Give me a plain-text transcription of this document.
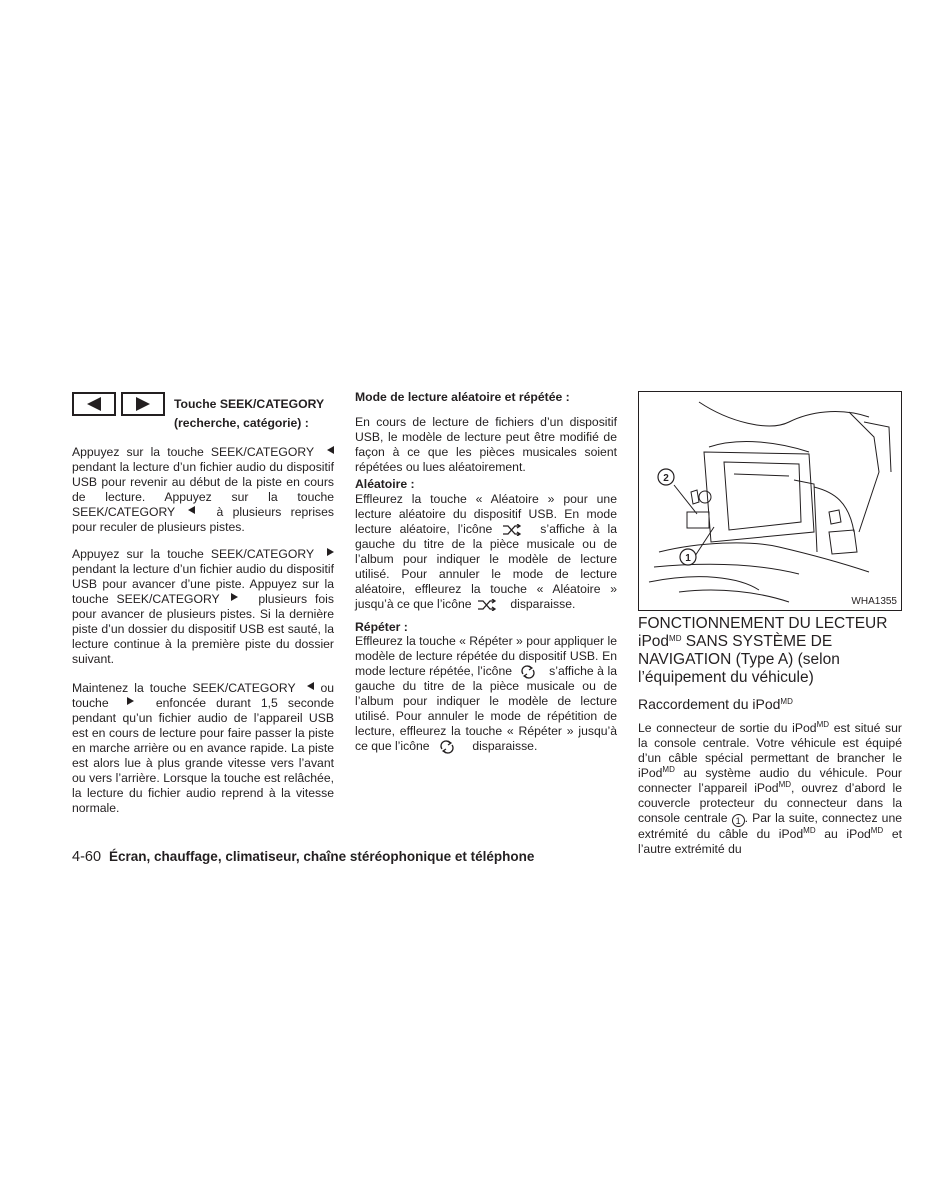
Touche SEEK/CATEGORY
(recherche, catégorie) :

Appuyez sur la touche SEEK/CATEGORY  pendant la lecture d’un fichier audio du dispositif USB pour revenir au début de la piste en cours de lecture. Appuyez sur la touche SEEK/CATEGORY	à plusieurs reprises pour reculer de plusieurs pistes.

Appuyez sur la touche SEEK/CATEGORY  pendant la lecture d’un fichier audio du dispositif USB pour avancer d’une piste. Appuyez sur la touche SEEK/CATEGORY	plusieurs fois pour avancer de plusieurs pistes. Si la dernière piste d’un dossier du dispositif USB est sauté, la lecture continue à la première piste du dossier suivant.

Maintenez la touche SEEK/CATEGORY ou touche	enfoncée durant 1,5 seconde pendant qu’un fichier audio de l’appareil USB est en cours de lecture pour faire passer la piste en marche arrière ou en avance rapide. La piste est alors lue à plus grande vitesse vers l’avant ou vers l’arrière. Lorsque la touche est relâchée, la lecture du fichier audio reprend à la vitesse normale.

Mode de lecture aléatoire et répétée :

En cours de lecture de fichiers d’un dispositif USB, le modèle de lecture peut être modifié de façon à ce que les pièces musicales soient répétées ou lues aléatoirement.

Aléatoire :

Effleurez la touche « Aléatoire » pour une lecture aléatoire du dispositif USB. En mode lecture aléatoire, l’icône	s’affiche à la gauche du titre de la pièce musicale ou de l’album pour indiquer le modèle de lecture utilisé. Pour annuler le mode de lecture aléatoire, effleurez la touche « Aléatoire » jusqu’à ce que l’icône	disparaisse.

Répéter :

Effleurez la touche « Répéter » pour appliquer le modèle de lecture répétée du dispositif USB. En mode lecture répétée, l’icône	s’affiche à la gauche du titre de la pièce musicale ou de l’album pour indiquer le modèle de lecture utilisé. Pour annuler le mode de répétition de lecture, effleurez la touche « Répéter » jusqu’à ce que l’icône	disparaisse.

2
1
WHA1355

FONCTIONNEMENT DU LECTEUR iPod$^{MD}$ SANS SYSTÈME DE NAVIGATION (Type A) (selon l’équipement du véhicule)

Raccordement du iPod$^{MD}$

Le connecteur de sortie du iPod$^{MD}$ est situé sur la console centrale. Votre véhicule est équipé d’un câble spécial permettant de brancher le iPod$^{MD}$ au système audio du véhicule. Pour connecter l’appareil iPod$^{MD}$, ouvrez d’abord le couvercle protecteur du connecteur dans la console centrale 1 . Par la suite, connectez une extrémité du câble du iPod$^{MD}$ au iPod$^{MD}$ et l’autre extrémité du

4-60 Écran, chauffage, climatiseur, chaîne stéréophonique et téléphone
